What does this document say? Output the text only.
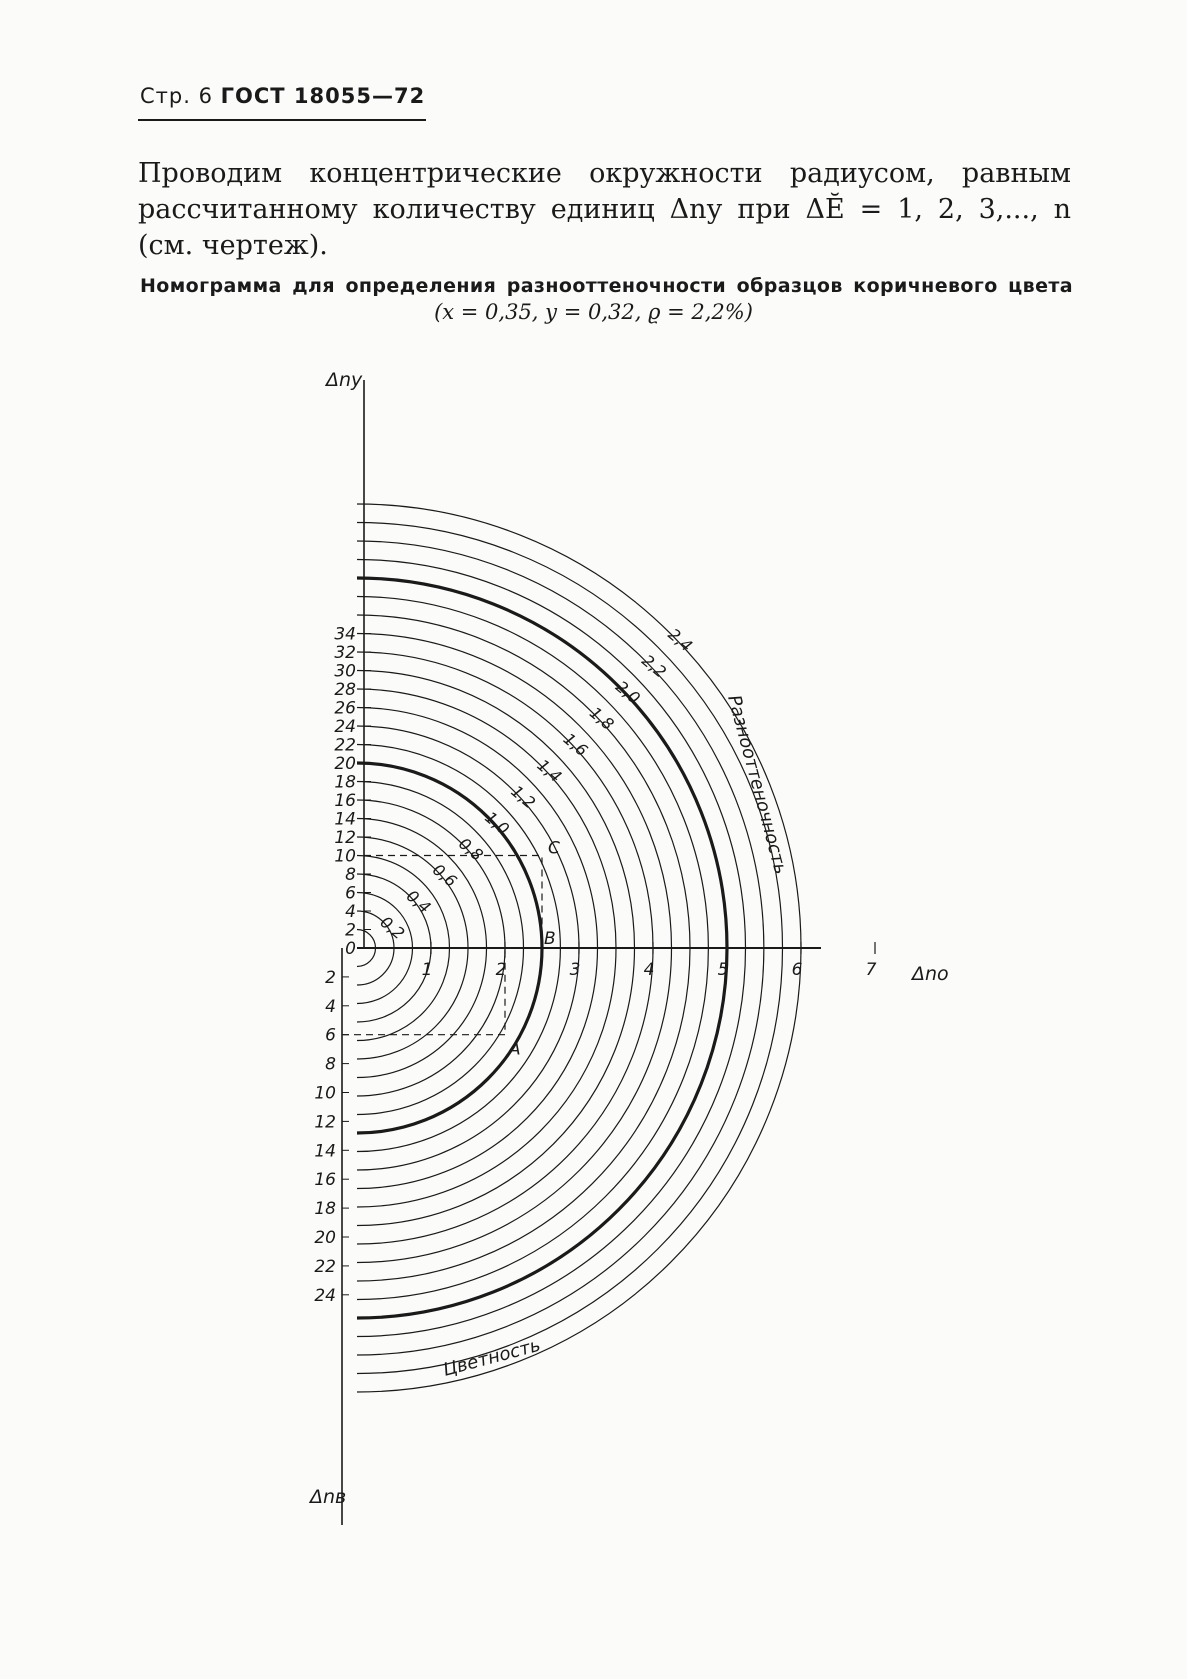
Стр. 6 ГОСТ 18055—72
Проводим концентрические окружности радиусом, равным рассчитанному количеству единиц Δnу при ΔĔ = 1, 2, 3,..., n (см. чертеж).
Номограмма для определения разнооттеночности образцов коричневого цвета
(x = 0,35, y = 0,32, ϱ = 2,2%)
0
2
4
6
8
10
12
14
16
18
20
22
24
26
28
30
32
34
2
4
6
8
10
12
14
16
18
20
22
24
1	2	3	4	5	6	7
0,2
0,4
0,6
0,8
1,0
1,2
1,4
1,6
1,8
2,0
2,2
2,4
Δnу
Δnв
Δnо
Разнооттеночность
Цветность
A
B
C
